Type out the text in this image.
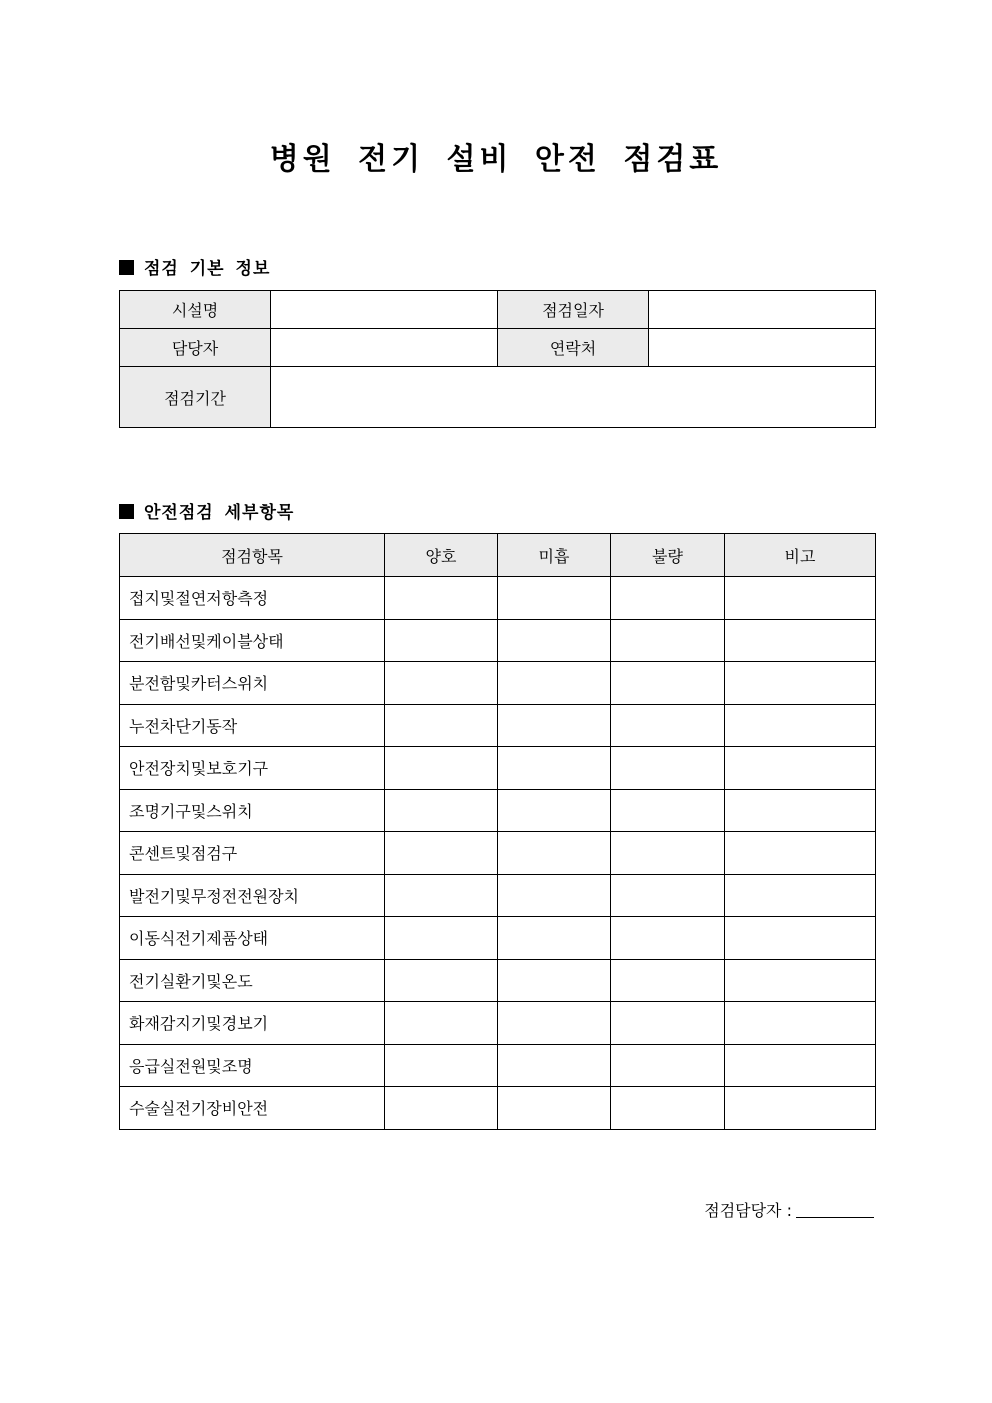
병원 전기 설비 안전 점검표
점검 기본 정보
시설명		점검일자	
담당자		연락처	
점검기간			
안전점검 세부항목
점검항목	양호	미흡	불량	비고
접지및절연저항측정				
전기배선및케이블상태				
분전함및카터스위치				
누전차단기동작				
안전장치및보호기구				
조명기구및스위치				
콘센트및점검구				
발전기및무정전전원장치				
이동식전기제품상태				
전기실환기및온도				
화재감지기및경보기				
응급실전원및조명				
수술실전기장비안전				
점검담당자 :
